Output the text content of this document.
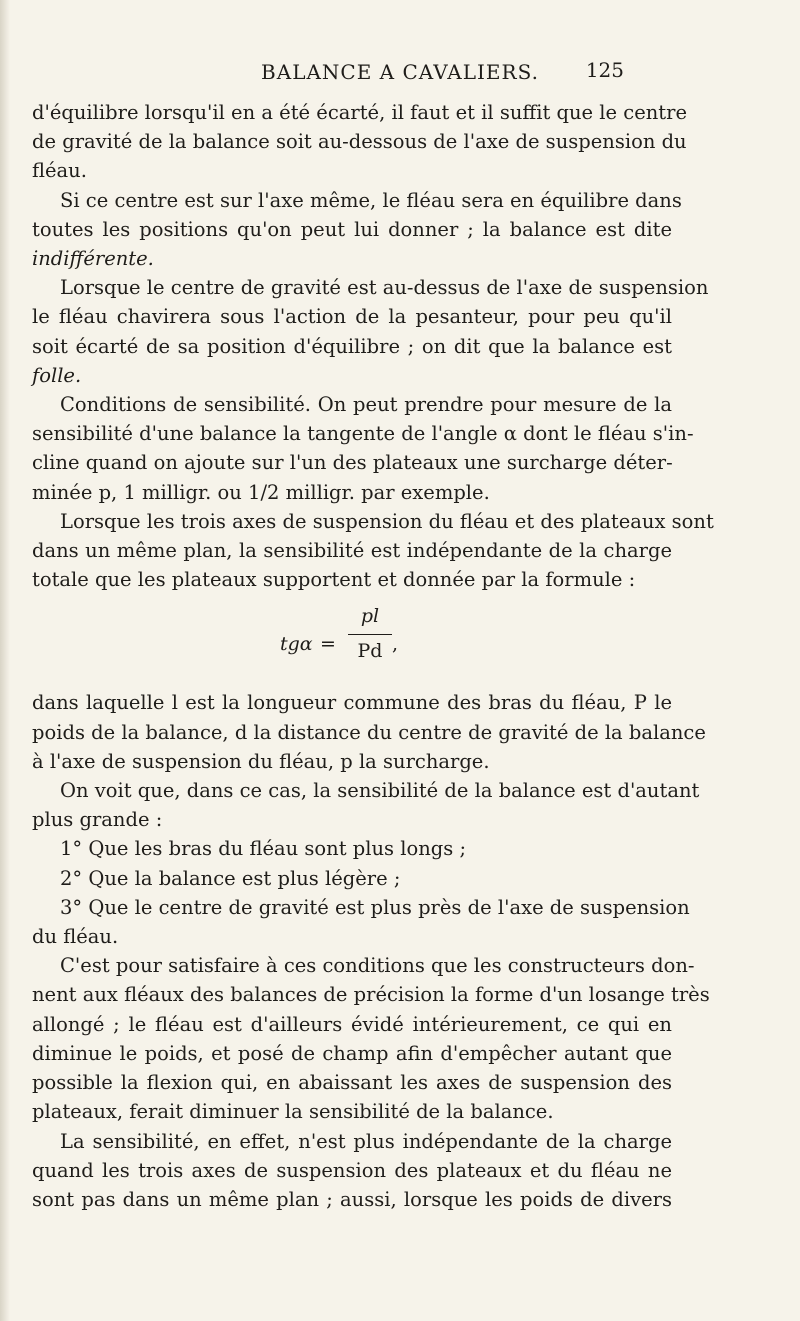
BALANCE A CAVALIERS.	125
d'équilibre lorsqu'il en a été écarté, il faut et il suffit que le centre
de gravité de la balance soit au-dessous de l'axe de suspension du
fléau.
Si ce centre est sur l'axe même, le fléau sera en équilibre dans
toutes les positions qu'on peut lui donner ; la balance est dite
indifférente.
Lorsque le centre de gravité est au-dessus de l'axe de suspension
le fléau chavirera sous l'action de la pesanteur, pour peu qu'il
soit écarté de sa position d'équilibre ; on dit que la balance est
folle.
Conditions de sensibilité. On peut prendre pour mesure de la
sensibilité d'une balance la tangente de l'angle α dont le fléau s'in-
cline quand on ajoute sur l'un des plateaux une surcharge déter-
minée p, 1 milligr. ou 1/2 milligr. par exemple.
Lorsque les trois axes de suspension du fléau et des plateaux sont
dans un même plan, la sensibilité est indépendante de la charge
totale que les plateaux supportent et donnée par la formule :
tgα =
pl
Pd ,
dans laquelle l est la longueur commune des bras du fléau, P le
poids de la balance, d la distance du centre de gravité de la balance
à l'axe de suspension du fléau, p la surcharge.
On voit que, dans ce cas, la sensibilité de la balance est d'autant
plus grande :
1° Que les bras du fléau sont plus longs ;
2° Que la balance est plus légère ;
3° Que le centre de gravité est plus près de l'axe de suspension
du fléau.
C'est pour satisfaire à ces conditions que les constructeurs don-
nent aux fléaux des balances de précision la forme d'un losange très
allongé ; le fléau est d'ailleurs évidé intérieurement, ce qui en
diminue le poids, et posé de champ afin d'empêcher autant que
possible la flexion qui, en abaissant les axes de suspension des
plateaux, ferait diminuer la sensibilité de la balance.
La sensibilité, en effet, n'est plus indépendante de la charge
quand les trois axes de suspension des plateaux et du fléau ne
sont pas dans un même plan ; aussi, lorsque les poids de divers
